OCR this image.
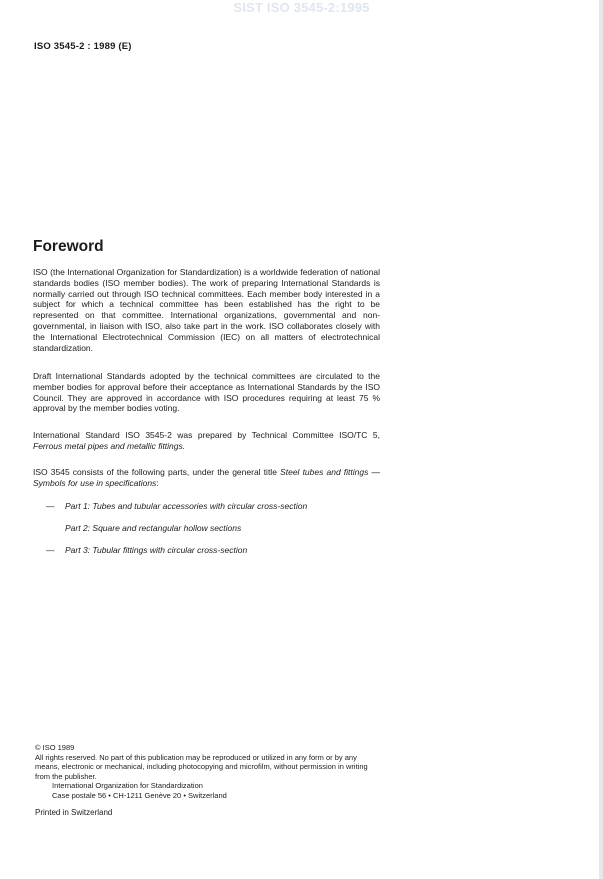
SIST ISO 3545-2:1995
ISO 3545-2 : 1989 (E)
Foreword

ISO (the International Organization for Standardization) is a worldwide federation of national standards bodies (ISO member bodies). The work of preparing International Standards is normally carried out through ISO technical committees. Each member body interested in a subject for which a technical committee has been established has the right to be represented on that committee. International organizations, governmental and non-governmental, in liaison with ISO, also take part in the work. ISO collaborates closely with the International Electrotechnical Commission (IEC) on all matters of electrotechnical standardization.

Draft International Standards adopted by the technical committees are circulated to the member bodies for approval before their acceptance as International Standards by the ISO Council. They are approved in accordance with ISO procedures requiring at least 75 % approval by the member bodies voting.

International Standard ISO 3545-2 was prepared by Technical Committee ISO/TC 5, Ferrous metal pipes and metallic fittings.

ISO 3545 consists of the following parts, under the general title Steel tubes and fittings — Symbols for use in specifications:

— Part 1: Tubes and tubular accessories with circular cross-section

Part 2: Square and rectangular hollow sections

— Part 3: Tubular fittings with circular cross-section

© ISO 1989
All rights reserved. No part of this publication may be reproduced or utilized in any form or by any means, electronic or mechanical, including photocopying and microfilm, without permission in writing from the publisher.
International Organization for Standardization
Case postale 56 • CH-1211 Genève 20 • Switzerland

Printed in Switzerland
